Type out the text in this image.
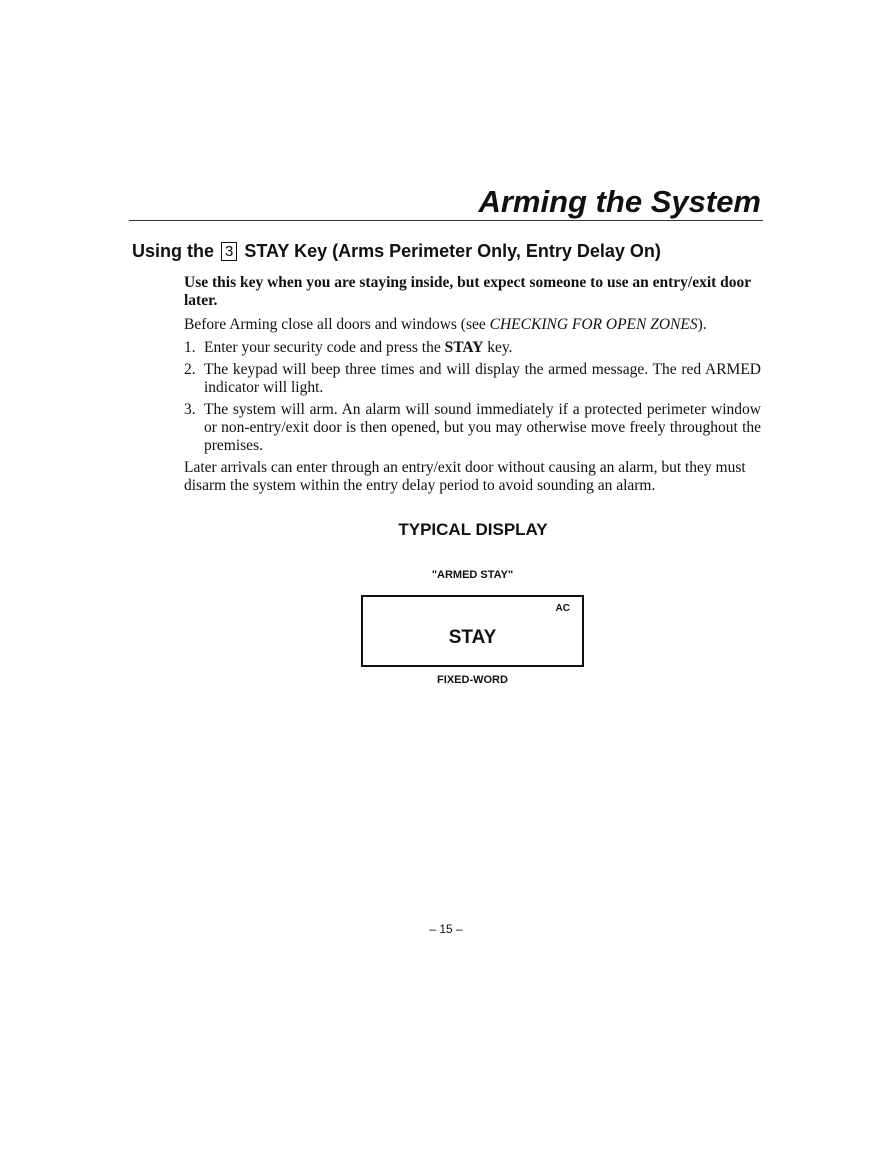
Arming the System
Using the 3 STAY Key (Arms Perimeter Only, Entry Delay On)

Use this key when you are staying inside, but expect someone to use an entry/exit door later.

Before Arming close all doors and windows (see CHECKING FOR OPEN ZONES).

1. Enter your security code and press the STAY key.
2. The keypad will beep three times and will display the armed message. The red ARMED indicator will light.
3. The system will arm. An alarm will sound immediately if a protected perimeter window or non-entry/exit door is then opened, but you may otherwise move freely throughout the premises.

Later arrivals can enter through an entry/exit door without causing an alarm, but they must disarm the system within the entry delay period to avoid sounding an alarm.

TYPICAL DISPLAY
"ARMED STAY"
AC
STAY
FIXED-WORD
– 15 –
